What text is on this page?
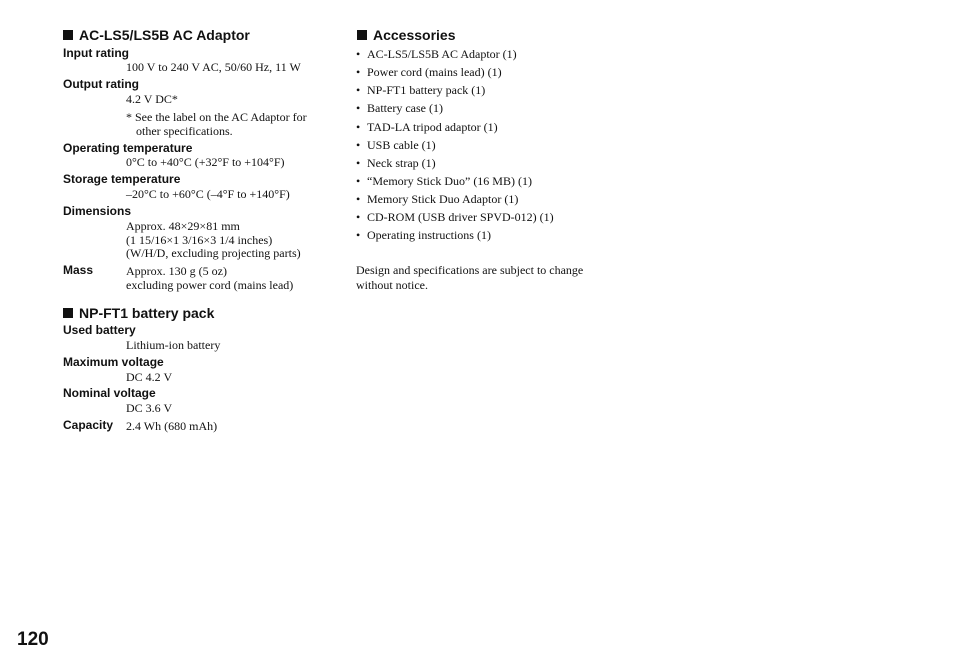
AC-LS5/LS5B AC Adaptor
Input rating
100 V to 240 V AC, 50/60 Hz, 11 W
Output rating
4.2 V DC*
* See the label on the AC Adaptor for
other specifications.
Operating temperature
0°C to +40°C (+32°F to +104°F)
Storage temperature
–20°C to +60°C (–4°F to +140°F)
Dimensions
Approx. 48×29×81 mm
(1 15/16×1 3/16×3 1/4 inches)
(W/H/D, excluding projecting parts)
Mass	Approx. 130 g (5 oz)
excluding power cord (mains lead)
NP-FT1 battery pack
Used battery
Lithium-ion battery
Maximum voltage
DC 4.2 V
Nominal voltage
DC 3.6 V
Capacity 2.4 Wh (680 mAh)
Accessories
• AC-LS5/LS5B AC Adaptor (1)
• Power cord (mains lead) (1)
• NP-FT1 battery pack (1)
• Battery case (1)
• TAD-LA tripod adaptor (1)
• USB cable (1)
• Neck strap (1)
• “Memory Stick Duo” (16 MB) (1)
• Memory Stick Duo Adaptor (1)
• CD-ROM (USB driver SPVD-012) (1)
• Operating instructions (1)
Design and specifications are subject to change
without notice.
120
